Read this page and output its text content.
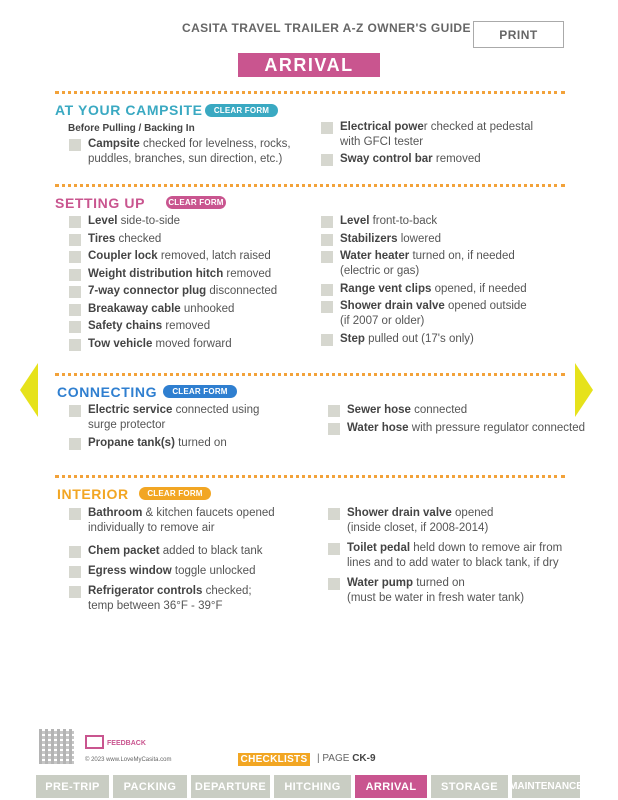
CASITA TRAVEL TRAILER A-Z OWNER'S GUIDE	PRINT
ARRIVAL
AT YOUR CAMPSITE	CLEAR FORM
Before Pulling / Backing In
Campsite checked for levelness, rocks,
puddles, branches, sun direction, etc.)
Electrical power checked at pedestal
with GFCI tester
Sway control bar removed
SETTING UP	CLEAR FORM
Level side-to-side
Tires checked
Coupler lock removed, latch raised
Weight distribution hitch removed
7-way connector plug disconnected
Breakaway cable unhooked
Safety chains removed
Tow vehicle moved forward
Level front-to-back
Stabilizers lowered
Water heater turned on, if needed
(electric or gas)
Range vent clips opened, if needed
Shower drain valve opened outside
(if 2007 or older)
Step pulled out (17's only)
CONNECTING	CLEAR FORM
Electric service connected using
surge protector
Propane tank(s) turned on
Sewer hose connected
Water hose with pressure regulator connected
INTERIOR	CLEAR FORM
Bathroom & kitchen faucets opened
individually to remove air
Chem packet added to black tank
Egress window toggle unlocked
Refrigerator controls checked;
temp between 36°F - 39°F
Shower drain valve opened
(inside closet, if 2008-2014)
Toilet pedal held down to remove air from
lines and to add water to black tank, if dry
Water pump turned on
(must be water in fresh water tank)
FEEDBACK
© 2023 www.LoveMyCasita.com	CHECKLISTS | PAGE CK-9
PRE-TRIP	PACKING	DEPARTURE	HITCHING	ARRIVAL	STORAGE	MAINTENANCE
